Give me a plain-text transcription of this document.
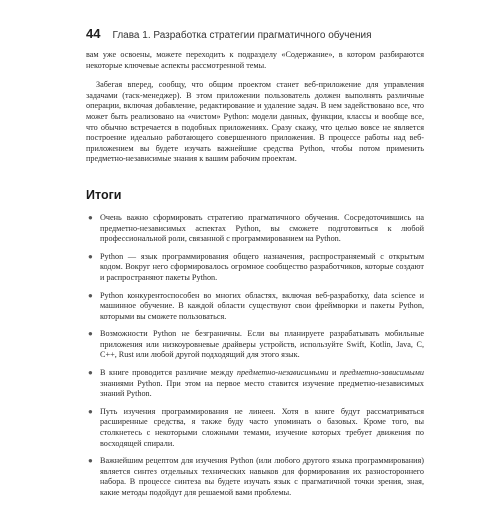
44 Глава 1. Разработка стратегии прагматичного обучения

вам уже освоены, можете переходить к подразделу «Содержание», в котором разбираются некоторые ключевые аспекты рассмотренной темы.

Забегая вперед, сообщу, что общим проектом станет веб-приложение для управления задачами (таск-менеджер). В этом приложении пользователь должен выполнять различные операции, включая добавление, редактирование и удаление задач. В нем задействовано все, что может быть реализовано на «чистом» Python: модели данных, функции, классы и вообще все, что обычно встречается в подобных приложениях. Сразу скажу, что целью вовсе не является построение идеально работающего совершенного приложения. В процессе работы над веб-приложением вы будете изучать важнейшие средства Python, чтобы потом применить предметно-независимые знания к вашим рабочим проектам.

Итоги
● Очень важно сформировать стратегию прагматичного обучения. Сосредоточившись на предметно-независимых аспектах Python, вы сможете подготовиться к любой профессиональной роли, связанной с программированием на Python.
● Python — язык программирования общего назначения, распространяемый с открытым кодом. Вокруг него сформировалось огромное сообщество разработчиков, которые создают и распространяют пакеты Python.
● Python конкурентоспособен во многих областях, включая веб-разработку, data science и машинное обучение. В каждой области существуют свои фреймворки и пакеты Python, которыми вы сможете пользоваться.
● Возможности Python не безграничны. Если вы планируете разрабатывать мобильные приложения или низкоуровневые драйверы устройств, используйте Swift, Kotlin, Java, C, C++, Rust или любой другой подходящий для этого язык.
● В книге проводится различие между предметно-независимыми и предметно-зависимыми знаниями Python. При этом на первое место ставится изучение предметно-независимых знаний Python.
● Путь изучения программирования не линеен. Хотя в книге будут рассматриваться расширенные средства, я также буду часто упоминать о базовых. Кроме того, вы столкнетесь с некоторыми сложными темами, изучение которых требует движения по восходящей спирали.
● Важнейшим рецептом для изучения Python (или любого другого языка программирования) является синтез отдельных технических навыков для формирования их разностороннего набора. В процессе синтеза вы будете изучать язык с прагматичной точки зрения, зная, какие методы подойдут для решаемой вами проблемы.
